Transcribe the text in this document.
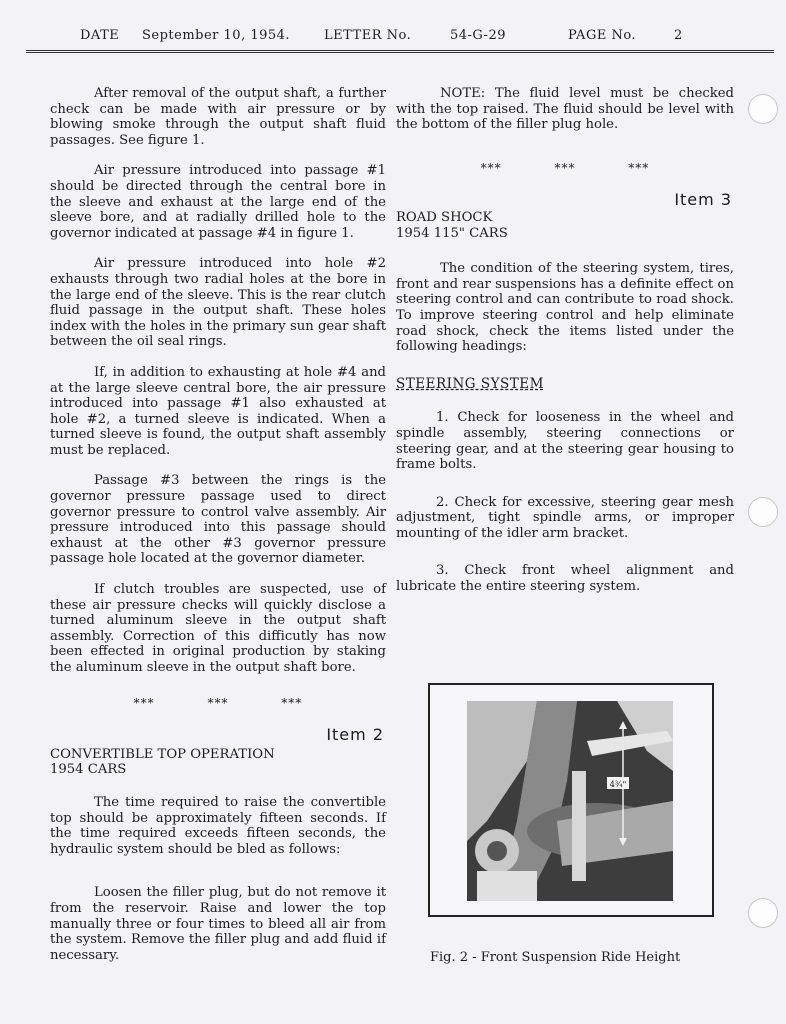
DATE September 10, 1954.	LETTER No.	54-G-29	PAGE No.	2

After removal of the output shaft, a further check can be made with air pressure or by blowing smoke through the output shaft fluid passages. See figure 1.

Air pressure introduced into passage #1 should be directed through the central bore in the sleeve and exhaust at the large end of the sleeve bore, and at radially drilled hole to the governor indicated at passage #4 in figure 1.

Air pressure introduced into hole #2 exhausts through two radial holes at the bore in the large end of the sleeve. This is the rear clutch fluid passage in the output shaft. These holes index with the holes in the primary sun gear shaft between the oil seal rings.

If, in addition to exhausting at hole #4 and at the large sleeve central bore, the air pressure introduced into passage #1 also exhausted at hole #2, a turned sleeve is indicated. When a turned sleeve is found, the output shaft assembly must be replaced.

Passage #3 between the rings is the governor pressure passage used to direct governor pressure to control valve assembly. Air pressure introduced into this passage should exhaust at the other #3 governor pressure passage hole located at the governor diameter.

If clutch troubles are suspected, use of these air pressure checks will quickly disclose a turned aluminum sleeve in the output shaft assembly. Correction of this difficutly has now been effected in original production by staking the aluminum sleeve in the output shaft bore.

*** *** ***
Item 2

CONVERTIBLE TOP OPERATION

1954 CARS

The time required to raise the convertible top should be approximately fifteen seconds. If the time required exceeds fifteen seconds, the hydraulic system should be bled as follows:

Loosen the filler plug, but do not remove it from the reservoir. Raise and lower the top manually three or four times to bleed all air from the system. Remove the filler plug and add fluid if necessary.

NOTE: The fluid level must be checked with the top raised. The fluid should be level with the bottom of the filler plug hole.

*** *** ***
Item 3

ROAD SHOCK

1954 115" CARS

The condition of the steering system, tires, front and rear suspensions has a definite effect on steering control and can contribute to road shock. To improve steering control and help eliminate road shock, check the items listed under the following headings:

STEERING SYSTEM

1. Check for looseness in the wheel and spindle assembly, steering connections or steering gear, and at the steering gear housing to frame bolts.

2. Check for excessive, steering gear mesh adjustment, tight spindle arms, or improper mounting of the idler arm bracket.

3. Check front wheel alignment and lubricate the entire steering system.

4¾"
Fig. 2 - Front Suspension Ride Height
